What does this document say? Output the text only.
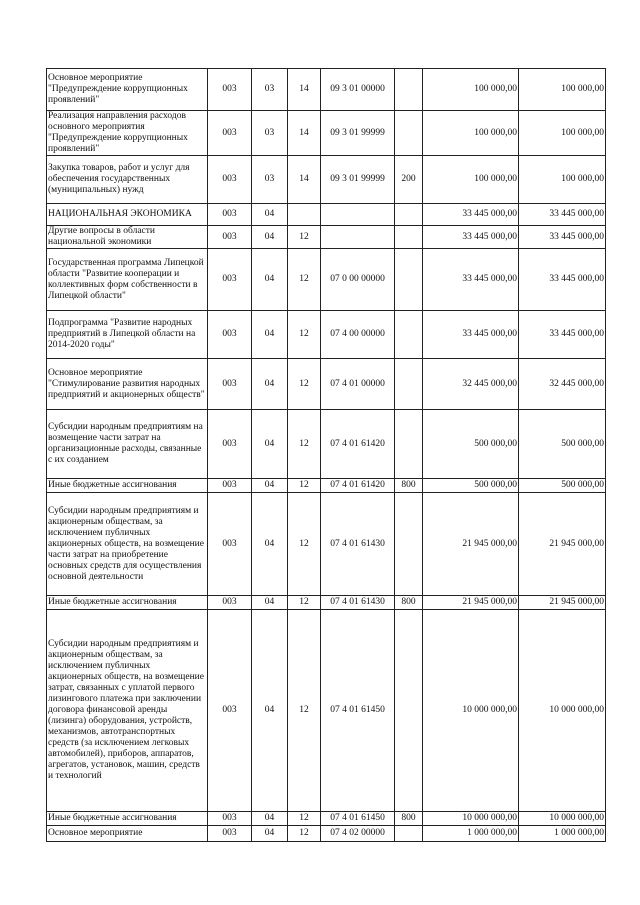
Основное мероприятие "Предупреждение коррупционных проявлений"	003	03	14	09 3 01 00000		100 000,00	100 000,00
Реализация направления расходов основного мероприятия "Предупреждение коррупционных проявлений"	003	03	14	09 3 01 99999		100 000,00	100 000,00
Закупка товаров, работ и услуг для обеспечения государственных (муниципальных) нужд	003	03	14	09 3 01 99999	200	100 000,00	100 000,00
НАЦИОНАЛЬНАЯ ЭКОНОМИКА	003	04				33 445 000,00	33 445 000,00
Другие вопросы в области национальной экономики	003	04	12			33 445 000,00	33 445 000,00
Государственная программа Липецкой области "Развитие кооперации и коллективных форм собственности в Липецкой области"	003	04	12	07 0 00 00000		33 445 000,00	33 445 000,00
Подпрограмма "Развитие народных предприятий в Липецкой области на 2014-2020 годы"	003	04	12	07 4 00 00000		33 445 000,00	33 445 000,00
Основное мероприятие "Стимулирование развития народных предприятий и акционерных обществ"	003	04	12	07 4 01 00000		32 445 000,00	32 445 000,00
Субсидии народным предприятиям на возмещение части затрат на организационные расходы, связанные с их созданием	003	04	12	07 4 01 61420		500 000,00	500 000,00
Иные бюджетные ассигнования	003	04	12	07 4 01 61420	800	500 000,00	500 000,00
Субсидии народным предприятиям и акционерным обществам, за исключением публичных акционерных обществ, на возмещение части затрат на приобретение основных средств для осуществления основной деятельности	003	04	12	07 4 01 61430		21 945 000,00	21 945 000,00
Иные бюджетные ассигнования	003	04	12	07 4 01 61430	800	21 945 000,00	21 945 000,00
Субсидии народным предприятиям и акционерным обществам, за исключением публичных акционерных обществ, на возмещение затрат, связанных с уплатой первого лизингового платежа при заключении договора финансовой аренды (лизинга) оборудования, устройств, механизмов, автотранспортных средств (за исключением легковых автомобилей), приборов, аппаратов, агрегатов, установок, машин, средств и технологий	003	04	12	07 4 01 61450		10 000 000,00	10 000 000,00
Иные бюджетные ассигнования	003	04	12	07 4 01 61450	800	10 000 000,00	10 000 000,00
Основное мероприятие	003	04	12	07 4 02 00000		1 000 000,00	1 000 000,00
